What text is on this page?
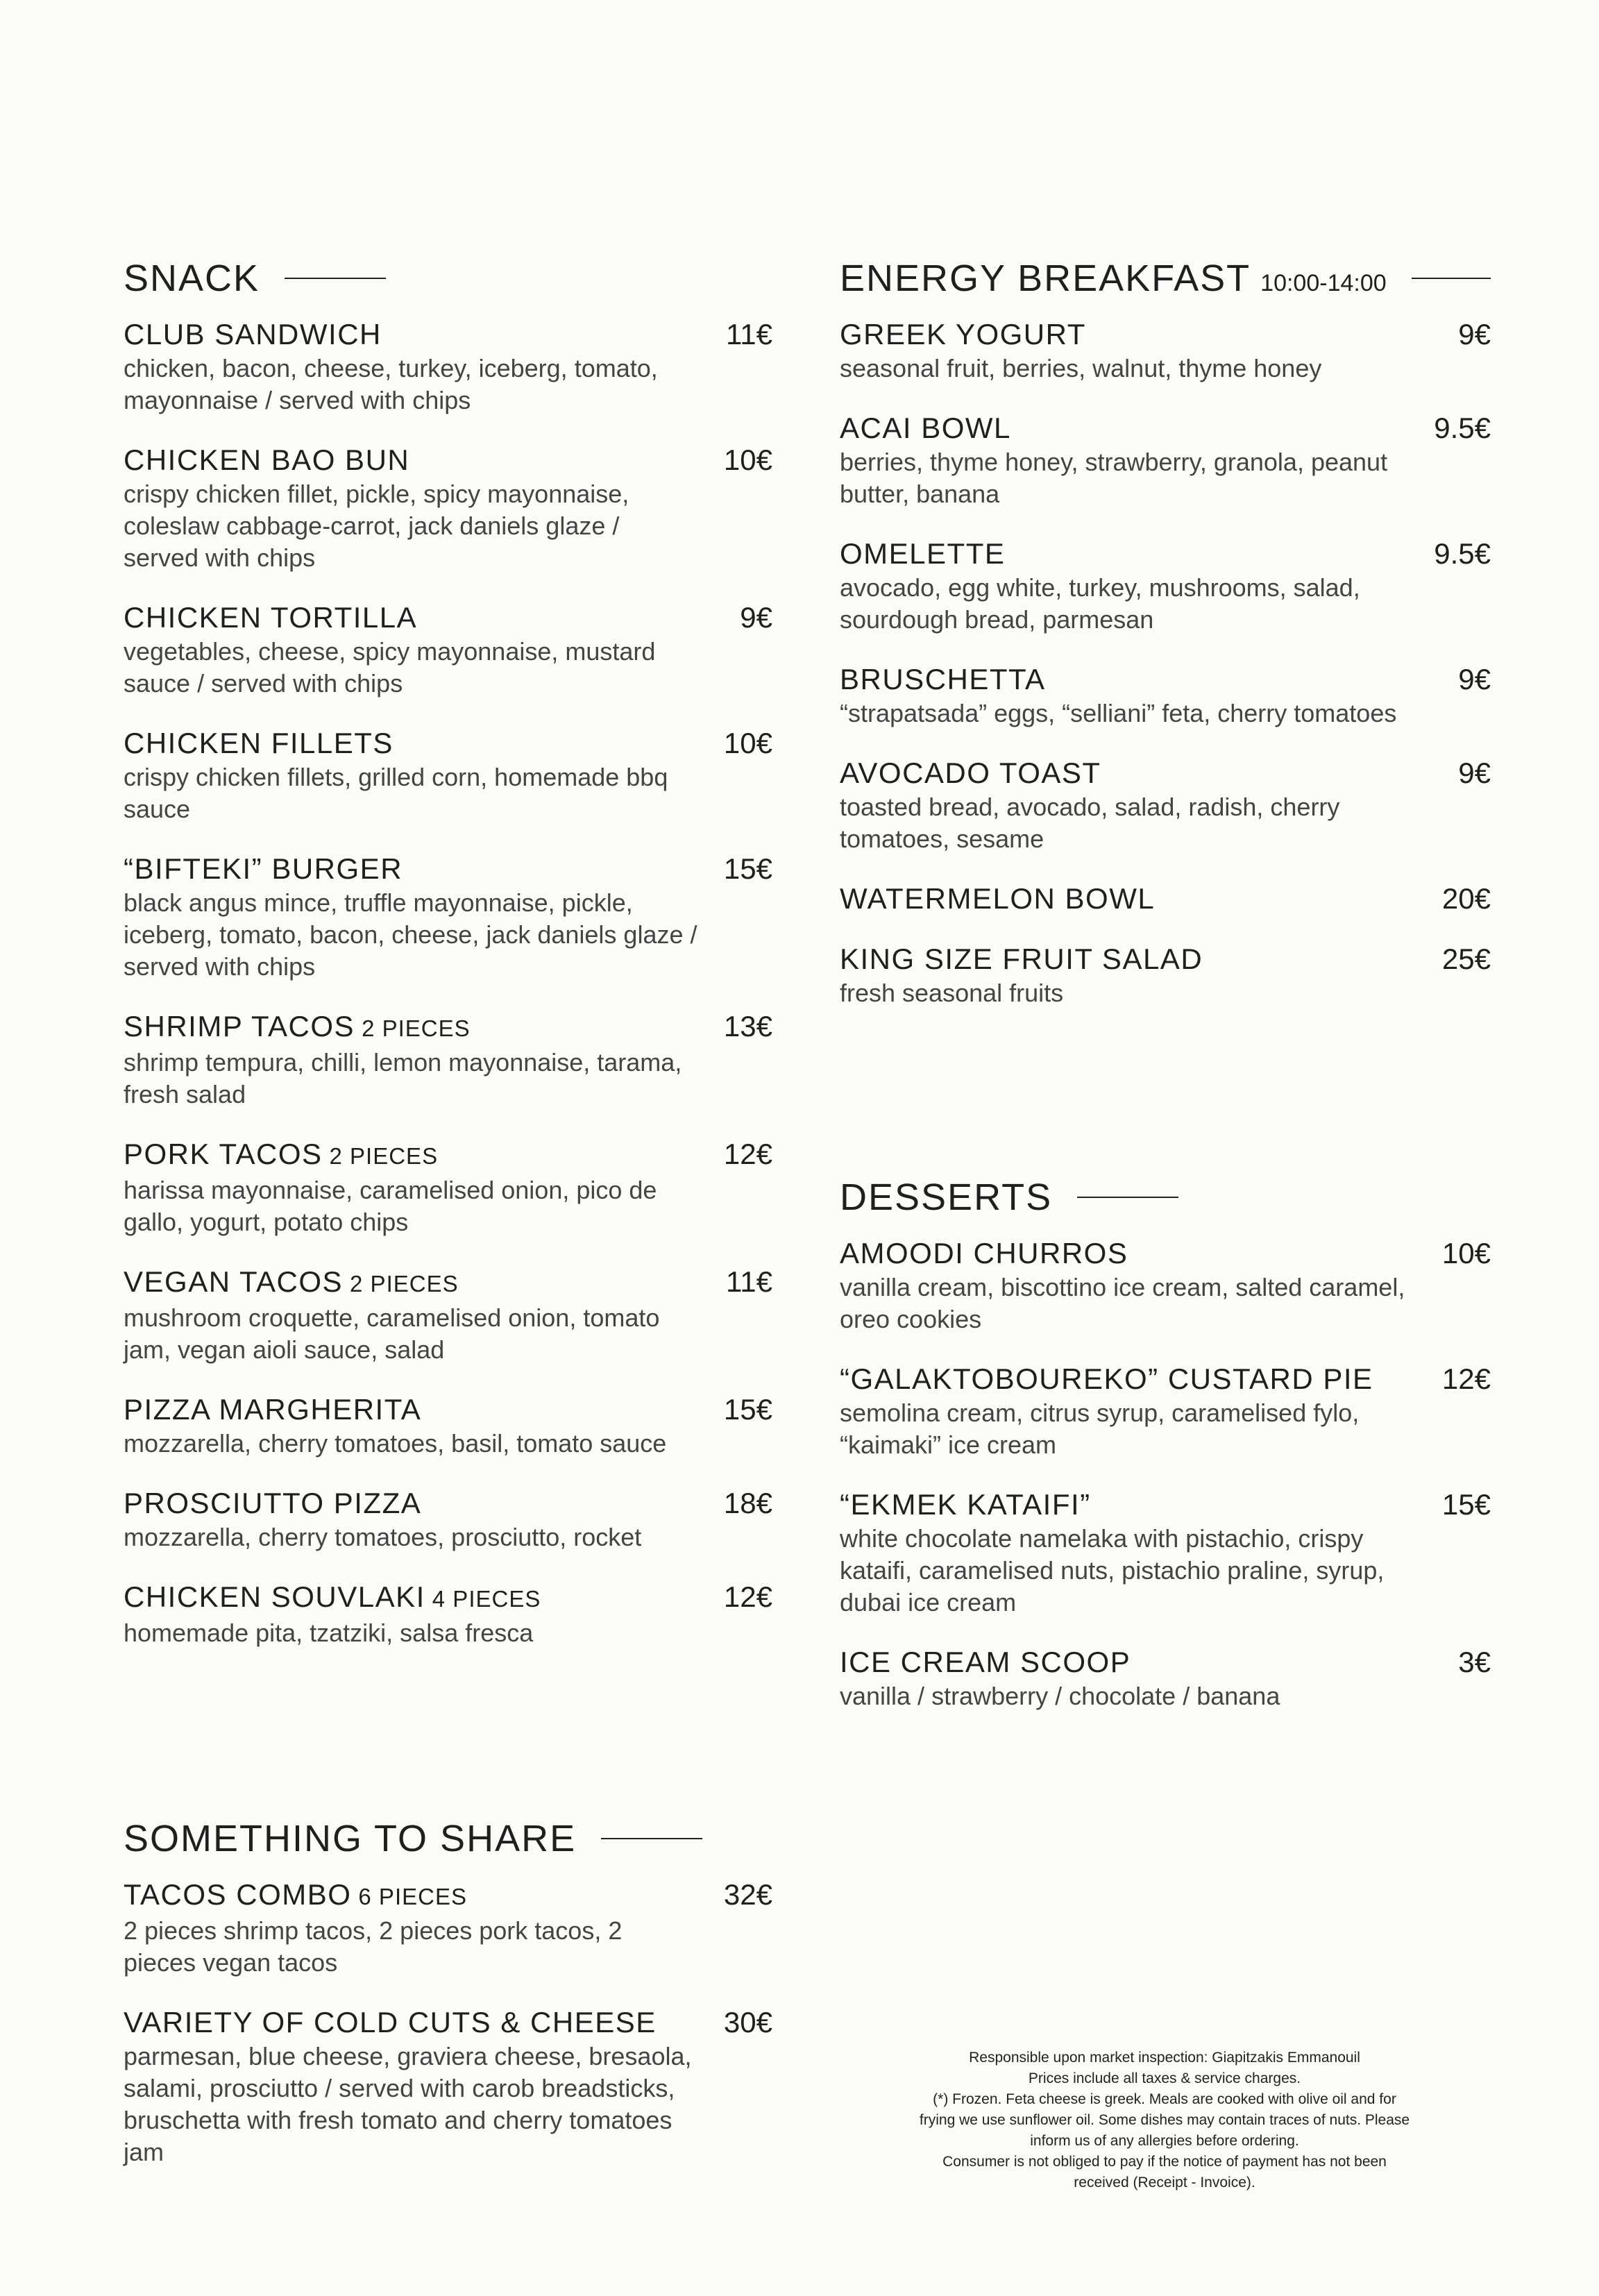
SNACK
CLUB SANDWICH	11€
chicken, bacon, cheese, turkey, iceberg, tomato, mayonnaise / served with chips
CHICKEN BAO BUN	10€
crispy chicken fillet, pickle, spicy mayonnaise, coleslaw cabbage-carrot, jack daniels glaze / served with chips
CHICKEN TORTILLA	9€
vegetables, cheese, spicy mayonnaise, mustard sauce / served with chips
CHICKEN FILLETS	10€
crispy chicken fillets, grilled corn, homemade bbq sauce
“BIFTEKI” BURGER	15€
black angus mince, truffle mayonnaise, pickle, iceberg, tomato, bacon, cheese, jack daniels glaze / served with chips
SHRIMP TACOS 2 PIECES	13€
shrimp tempura, chilli, lemon mayonnaise, tarama, fresh salad
PORK TACOS 2 PIECES	12€
harissa mayonnaise, caramelised onion, pico de gallo, yogurt, potato chips
VEGAN TACOS 2 PIECES	11€
mushroom croquette, caramelised onion, tomato jam, vegan aioli sauce, salad
PIZZA MARGHERITA	15€
mozzarella, cherry tomatoes, basil, tomato sauce
PROSCIUTTO PIZZA	18€
mozzarella, cherry tomatoes, prosciutto, rocket
CHICKEN SOUVLAKI 4 PIECES	12€
homemade pita, tzatziki, salsa fresca
SOMETHING TO SHARE
TACOS COMBO 6 PIECES	32€
2 pieces shrimp tacos, 2 pieces pork tacos, 2 pieces vegan tacos
VARIETY OF COLD CUTS & CHEESE 30€
parmesan, blue cheese, graviera cheese, bresaola, salami, prosciutto / served with carob breadsticks, bruschetta with fresh tomato and cherry tomatoes jam
ENERGY BREAKFAST 10:00-14:00
GREEK YOGURT	9€
seasonal fruit, berries, walnut, thyme honey
ACAI BOWL	9.5€
berries, thyme honey, strawberry, granola, peanut butter, banana
OMELETTE	9.5€
avocado, egg white, turkey, mushrooms, salad, sourdough bread, parmesan
BRUSCHETTA	9€
“strapatsada” eggs, “selliani” feta, cherry tomatoes
AVOCADO TOAST	9€
toasted bread, avocado, salad, radish, cherry tomatoes, sesame
WATERMELON BOWL	20€
KING SIZE FRUIT SALAD	25€
fresh seasonal fruits
DESSERTS
AMOODI CHURROS	10€
vanilla cream, biscottino ice cream, salted caramel, oreo cookies
“GALAKTOBOUREKO” CUSTARD PIE 12€
semolina cream, citrus syrup, caramelised fylo, “kaimaki” ice cream
“EKMEK KATAIFI”	15€
white chocolate namelaka with pistachio, crispy kataifi, caramelised nuts, pistachio praline, syrup, dubai ice cream
ICE CREAM SCOOP	3€
vanilla / strawberry / chocolate / banana
Responsible upon market inspection: Giapitzakis Emmanouil
Prices include all taxes & service charges.
(*) Frozen. Feta cheese is greek. Meals are cooked with olive oil and for
frying we use sunflower oil. Some dishes may contain traces of nuts. Please
inform us of any allergies before ordering.
Consumer is not obliged to pay if the notice of payment has not been
received (Receipt - Invoice).
